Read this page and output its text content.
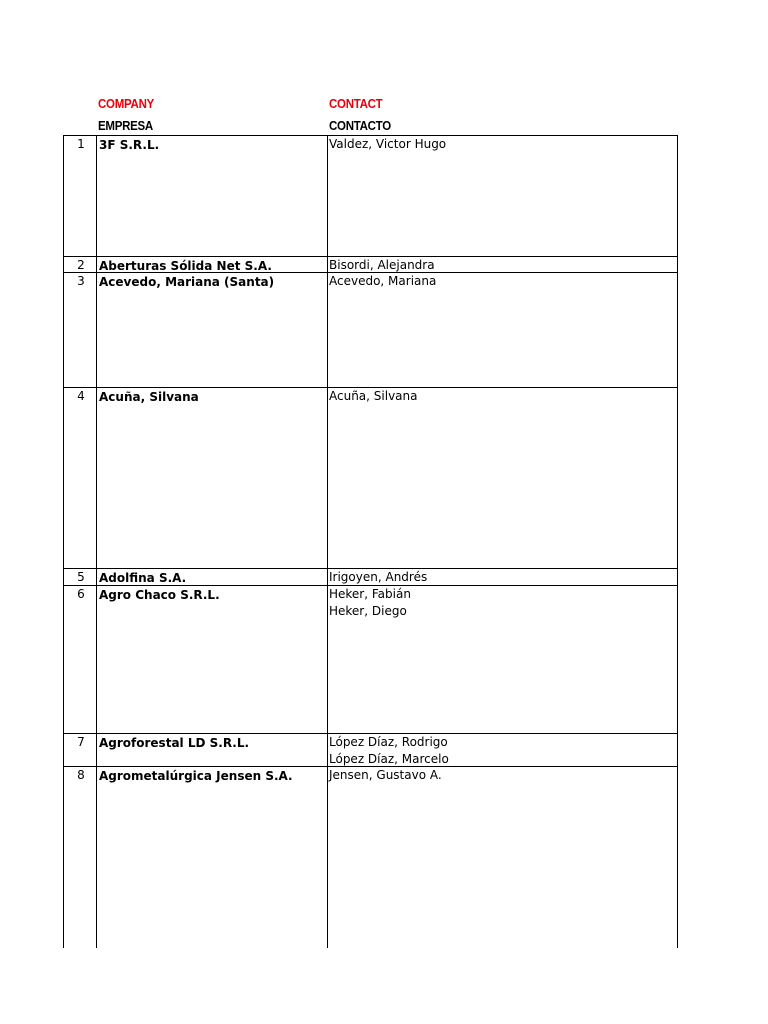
COMPANY	CONTACT
EMPRESA	CONTACTO
1	3F S.R.L.	Valdez, Victor Hugo
2	Aberturas Sólida Net S.A.	Bisordi, Alejandra
3	Acevedo, Mariana (Santa)	Acevedo, Mariana
4	Acuña, Silvana	Acuña, Silvana
5	Adolfina S.A.	Irigoyen, Andrés
6	Agro Chaco S.R.L.	Heker, Fabián
Heker, Diego
7	Agroforestal LD S.R.L.	López Díaz, Rodrigo
López Díaz, Marcelo
8	Agrometalúrgica Jensen S.A.	Jensen, Gustavo A.
